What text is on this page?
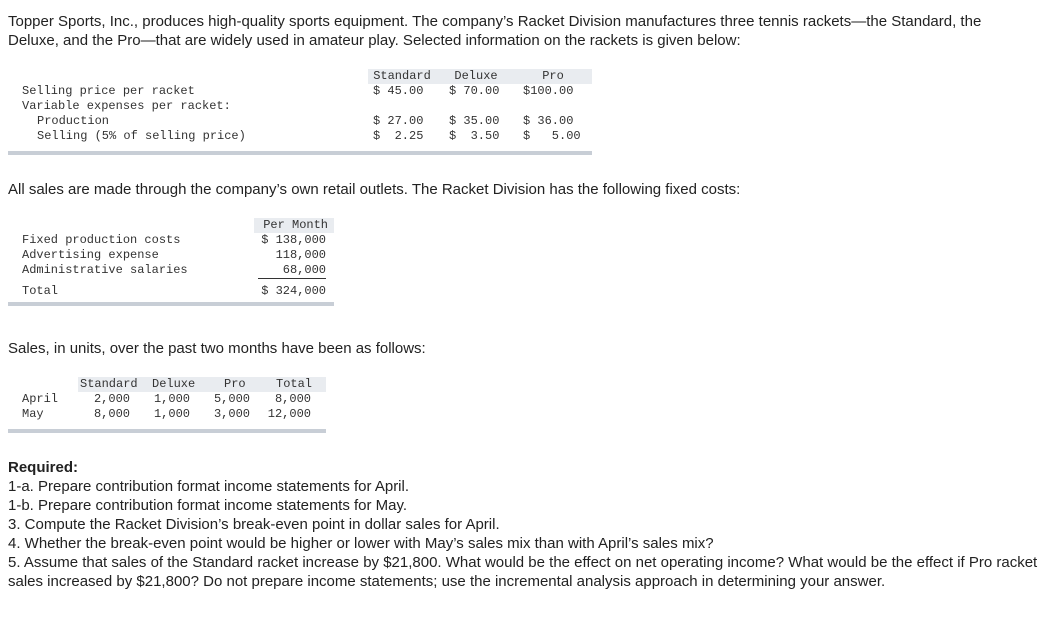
Topper Sports, Inc., produces high-quality sports equipment. The company’s Racket Division manufactures three tennis rackets—the Standard, the Deluxe, and the Pro—that are widely used in amateur play. Selected information on the rackets is given below:

Standard	Deluxe	Pro
Selling price per racket	$ 45.00 $ 70.00 $100.00
Variable expenses per racket:
Production	$ 27.00 $ 35.00 $ 36.00
Selling (5% of selling price)	$  2.25 $  3.50 $   5.00

All sales are made through the company’s own retail outlets. The Racket Division has the following fixed costs:

Per Month
Fixed production costs	$ 138,000
Advertising expense	118,000
Administrative salaries	68,000
Total	$ 324,000

Sales, in units, over the past two months have been as follows:

Standard Deluxe Pro	Total
April	2,000	1,000	5,000	8,000
May	8,000	1,000	3,000	12,000
Required:
1-a. Prepare contribution format income statements for April.
1-b. Prepare contribution format income statements for May.
3. Compute the Racket Division’s break-even point in dollar sales for April.
4. Whether the break-even point would be higher or lower with May’s sales mix than with April’s sales mix?
5. Assume that sales of the Standard racket increase by $21,800. What would be the effect on net operating income? What would be the effect if Pro racket sales increased by $21,800? Do not prepare income statements; use the incremental analysis approach in determining your answer.
